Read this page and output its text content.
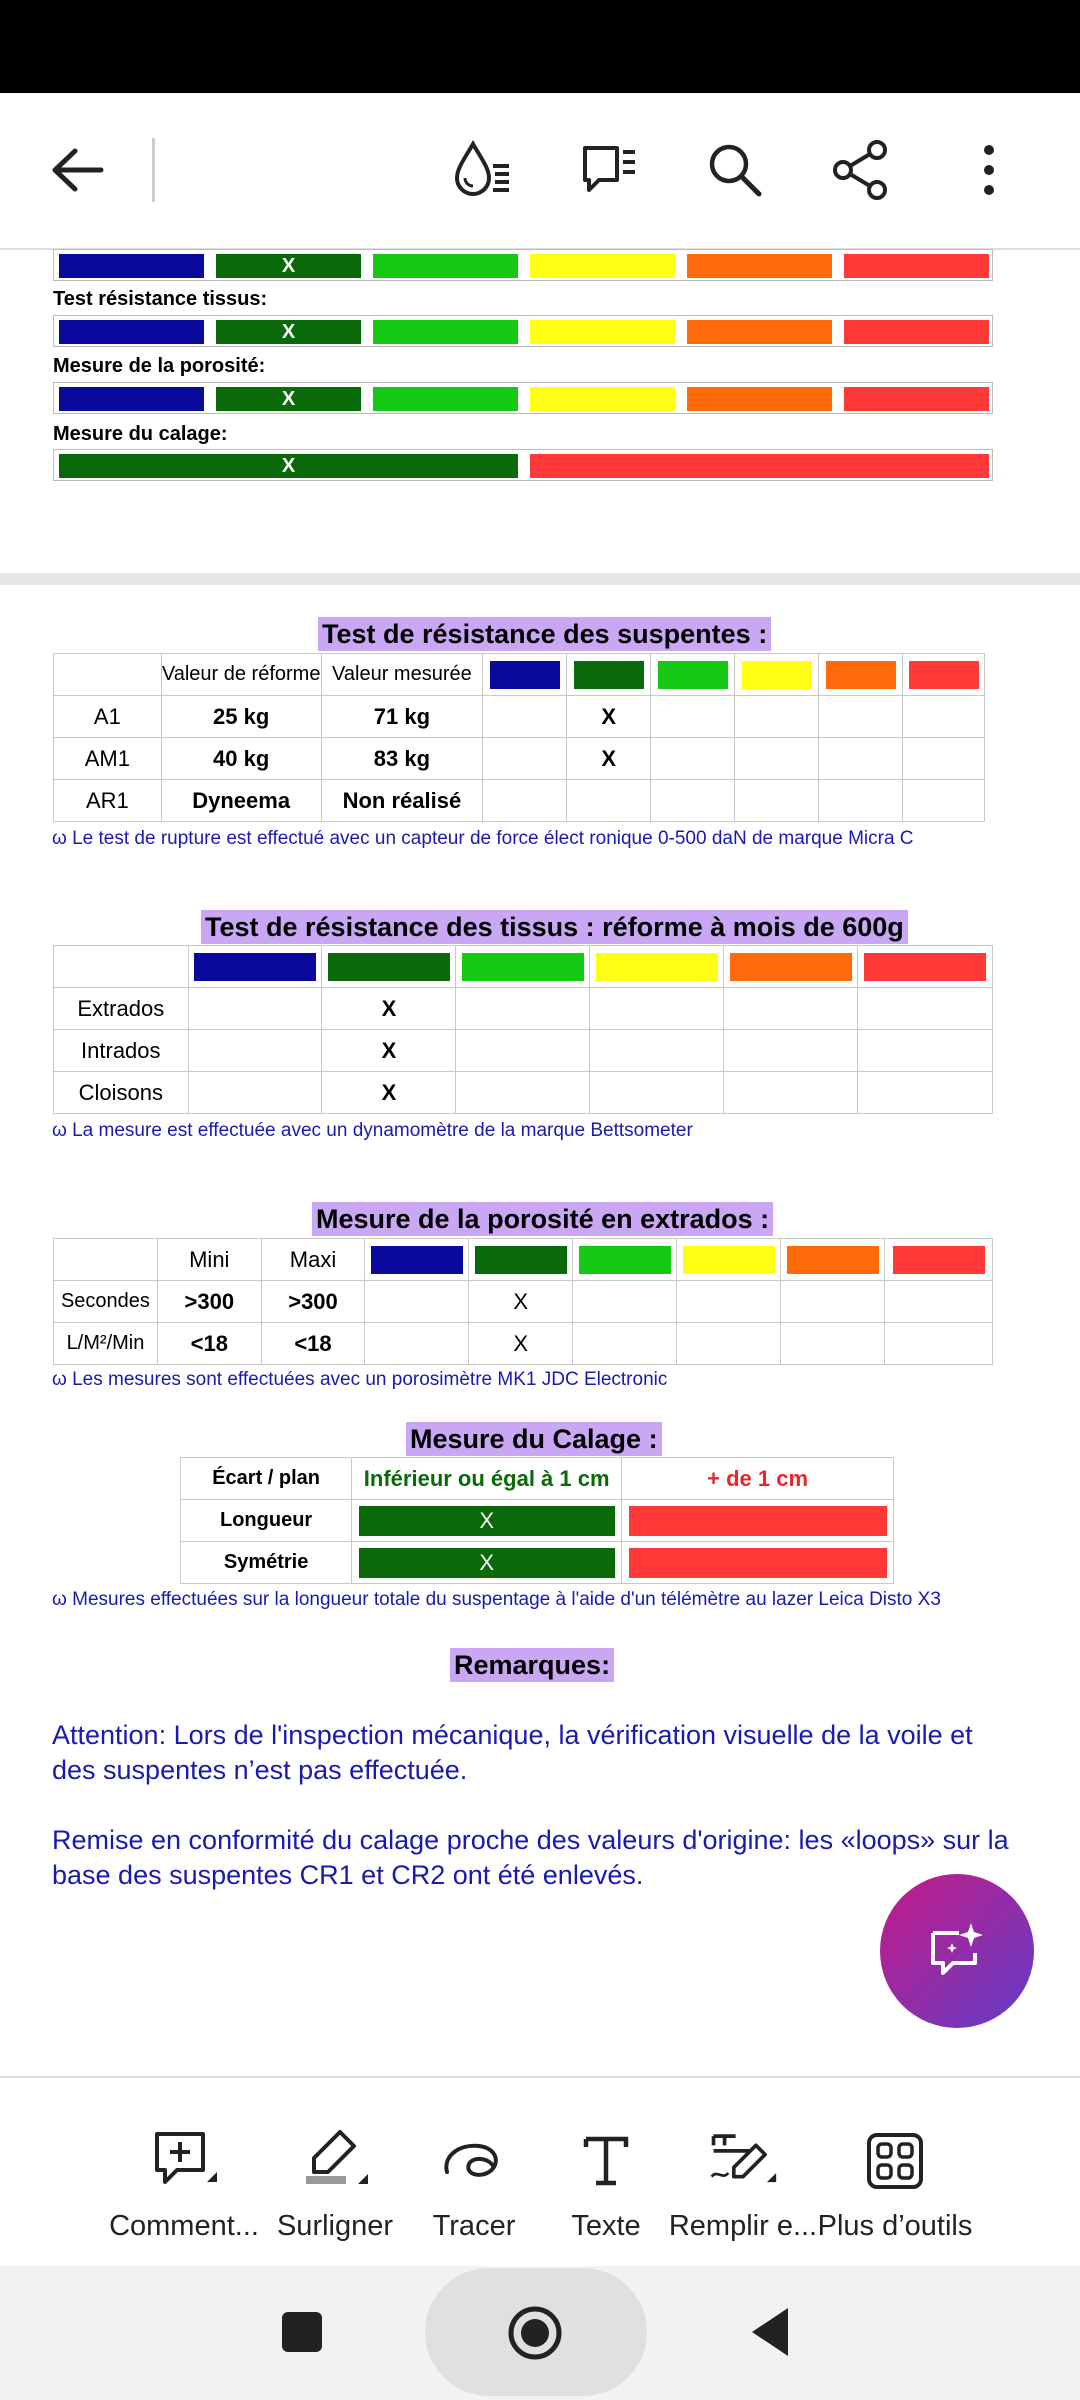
X
Test résistance tissus:
X
Mesure de la porosité:
X
Mesure du calage:
X
Test de résistance des suspentes :
	Valeur de réforme	Valeur mesurée	

A1	25 kg	71 kg		X				
AM1	40 kg	83 kg		X				
AR1	Dyneema	Non réalisé						
ω Le test de rupture est effectué avec un capteur de force élect ronique 0-500 daN de marque Micra C
Test de résistance des tissus : réforme à mois de 600g

Extrados		X				
Intrados		X				
Cloisons		X				
ω La mesure est effectuée avec un dynamomètre de la marque Bettsometer
Mesure de la porosité en extrados :
	Mini	Maxi	

Secondes	>300	>300		X				
L/M²/Min	<18	<18		X				
ω Les mesures sont effectuées avec un porosimètre MK1 JDC Electronic
Mesure du Calage :
Écart / plan	Inférieur ou égal à 1 cm	+ de 1 cm
Longueur	X	

Symétrie	X	

ω Mesures effectuées sur la longueur totale du suspentage à l'aide d'un télémètre au lazer Leica Disto X3
Remarques:
Attention: Lors de l'inspection mécanique, la vérification visuelle de la voile et des suspentes n’est pas effectuée.
Remise en conformité du calage proche des valeurs d'origine: les «loops» sur la base des suspentes CR1 et CR2 ont été enlevés.
Comment... Surligner Tracer Texte Remplir e... Plus d’outils
